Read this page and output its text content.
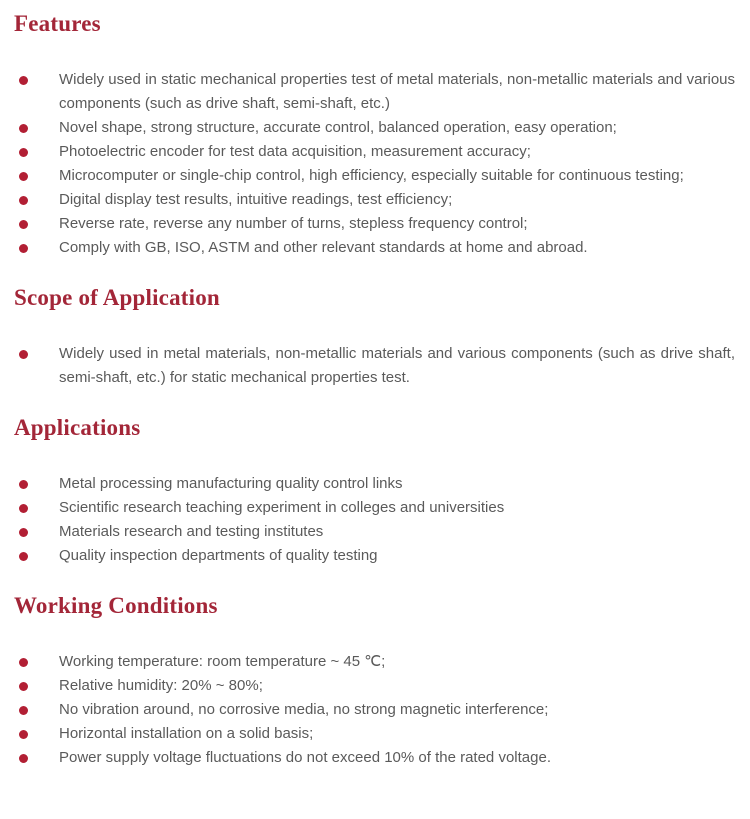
Features
Widely used in static mechanical properties test of metal materials, non-metallic materials and various components (such as drive shaft, semi-shaft, etc.)
Novel shape, strong structure, accurate control, balanced operation, easy operation;
Photoelectric encoder for test data acquisition, measurement accuracy;
Microcomputer or single-chip control, high efficiency, especially suitable for continuous testing;
Digital display test results, intuitive readings, test efficiency;
Reverse rate, reverse any number of turns, stepless frequency control;
Comply with GB, ISO, ASTM and other relevant standards at home and abroad.
Scope of Application
Widely used in metal materials, non-metallic materials and various components (such as drive shaft, semi-shaft, etc.) for static mechanical properties test.
Applications
Metal processing manufacturing quality control links
Scientific research teaching experiment in colleges and universities
Materials research and testing institutes
Quality inspection departments of quality testing
Working Conditions
Working temperature: room temperature ~ 45 ℃;
Relative humidity: 20% ~ 80%;
No vibration around, no corrosive media, no strong magnetic interference;
Horizontal installation on a solid basis;
Power supply voltage fluctuations do not exceed 10% of the rated voltage.
